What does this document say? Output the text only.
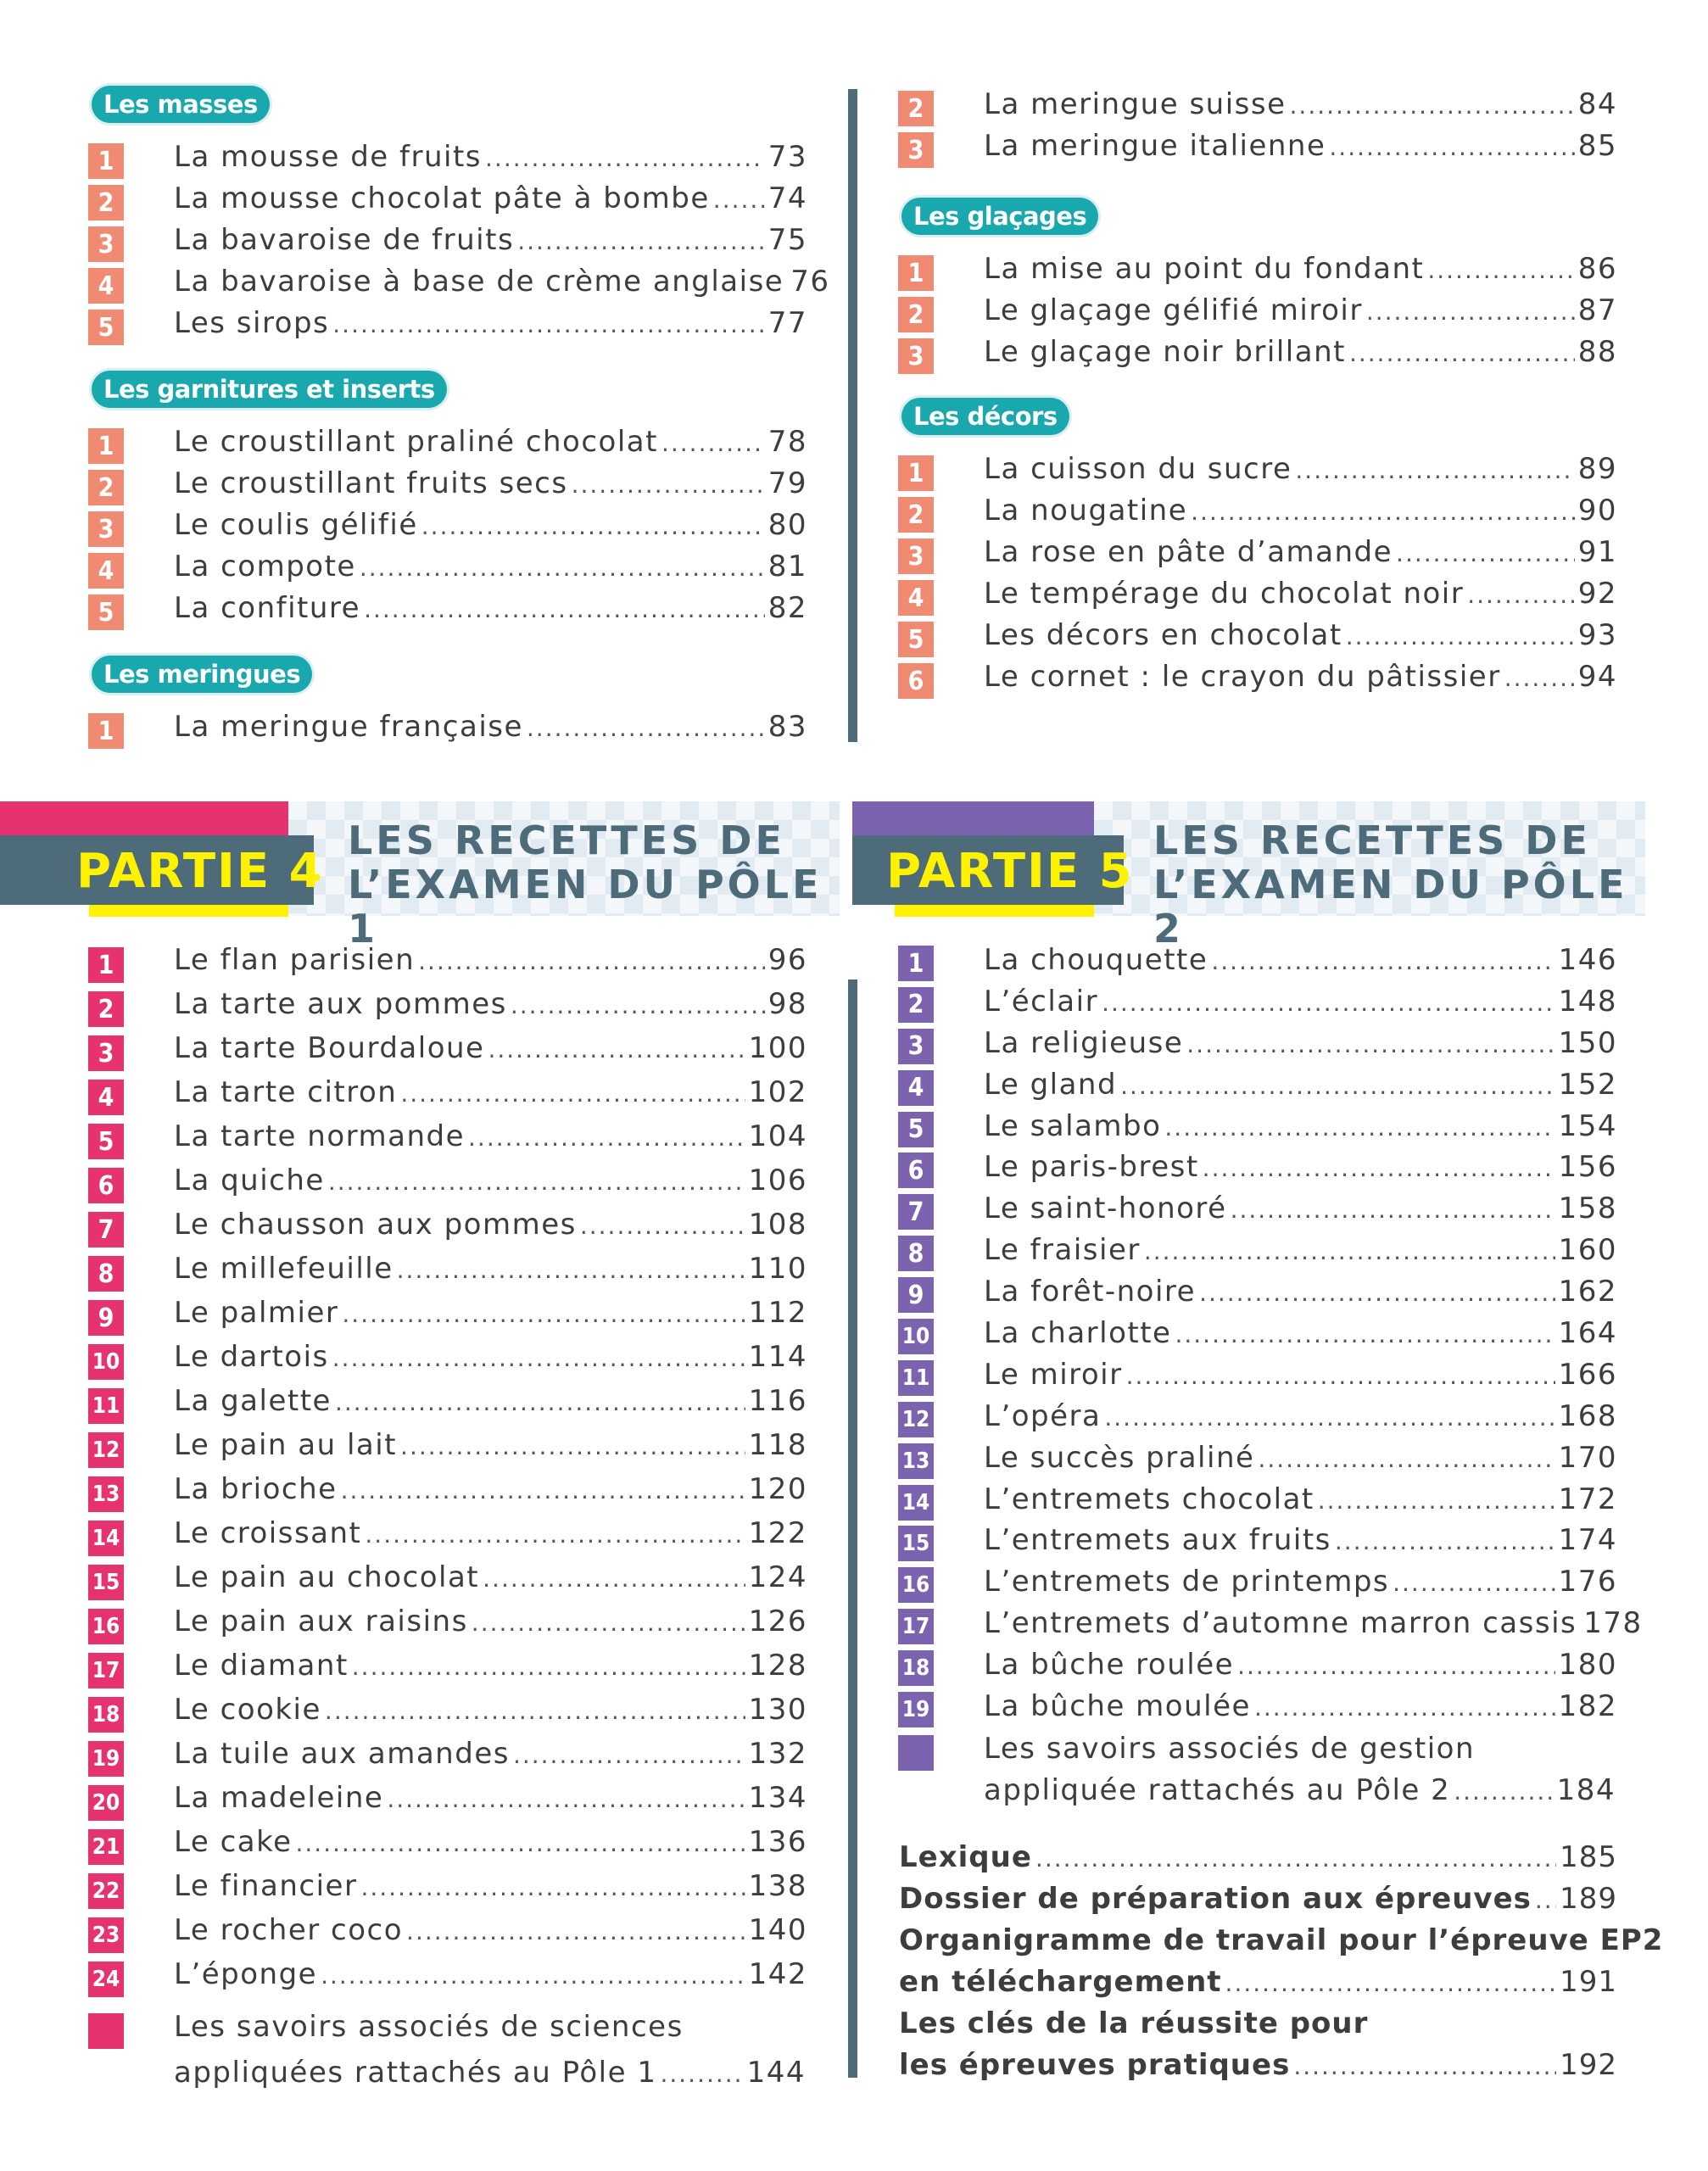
Les masses
1	La mousse de fruits .....	73
2	La mousse chocolat pâte à bombe ..... 74
3	La bavaroise de fruits .....	75
4	La bavaroise à base de crème anglaise 76
5	Les sirops .....	77
Les garnitures et inserts
1	Le croustillant praliné chocolat .....	78
2	Le croustillant fruits secs .....	79
3	Le coulis gélifié .....	80
4	La compote .....	81
5	La confiture .....	82
Les meringues
1	La meringue française .....	83
2	La meringue suisse .....	84
3	La meringue italienne .....	85
Les glaçages
1	La mise au point du fondant .....	86
2	Le glaçage gélifié miroir .....	87
3	Le glaçage noir brillant .....	88
Les décors
1	La cuisson du sucre .....	89
2	La nougatine .....	90
3	La rose en pâte d’amande .....	91
4	Le tempérage du chocolat noir .....	92
5	Les décors en chocolat .....	93
6	Le cornet : le crayon du pâtissier .....	94
PARTIE 4
LES RECETTES DE
L’EXAMEN DU PÔLE 1
PARTIE 5
LES RECETTES DE
L’EXAMEN DU PÔLE 2
1	Le flan parisien .....	96
2	La tarte aux pommes .....	98
3	La tarte Bourdaloue .....	100
4	La tarte citron .....	102
5	La tarte normande .....	104
6	La quiche .....	106
7	Le chausson aux pommes .....	108
8	Le millefeuille .....	110
9	Le palmier .....	112
10 Le dartois .....	114
11 La galette .....	116
12 Le pain au lait .....	118
13 La brioche .....	120
14 Le croissant .....	122
15 Le pain au chocolat .....	124
16 Le pain aux raisins .....	126
17 Le diamant .....	128
18 Le cookie .....	130
19 La tuile aux amandes .....	132
20 La madeleine .....	134
21 Le cake .....	136
22 Le financier .....	138
23 Le rocher coco .....	140
24 L’éponge .....	142
Les savoirs associés de sciences
appliquées rattachés au Pôle 1 .....	144
1	La chouquette .....	146
2	L’éclair .....	148
3	La religieuse .....	150
4	Le gland .....	152
5	Le salambo .....	154
6	Le paris-brest .....	156
7	Le saint-honoré .....	158
8	Le fraisier .....	160
9	La forêt-noire .....	162
10 La charlotte .....	164
11 Le miroir .....	166
12 L’opéra .....	168
13 Le succès praliné .....	170
14 L’entremets chocolat .....	172
15 L’entremets aux fruits .....	174
16 L’entremets de printemps .....	176
17 L’entremets d’automne marron cassis 178
18 La bûche roulée .....	180
19 La bûche moulée .....	182
Les savoirs associés de gestion
appliquée rattachés au Pôle 2 .....	184
Lexique .....	185
Dossier de préparation aux épreuves ..... 189
Organigramme de travail pour l’épreuve EP2
en téléchargement .....	191
Les clés de la réussite pour
les épreuves pratiques .....	192
